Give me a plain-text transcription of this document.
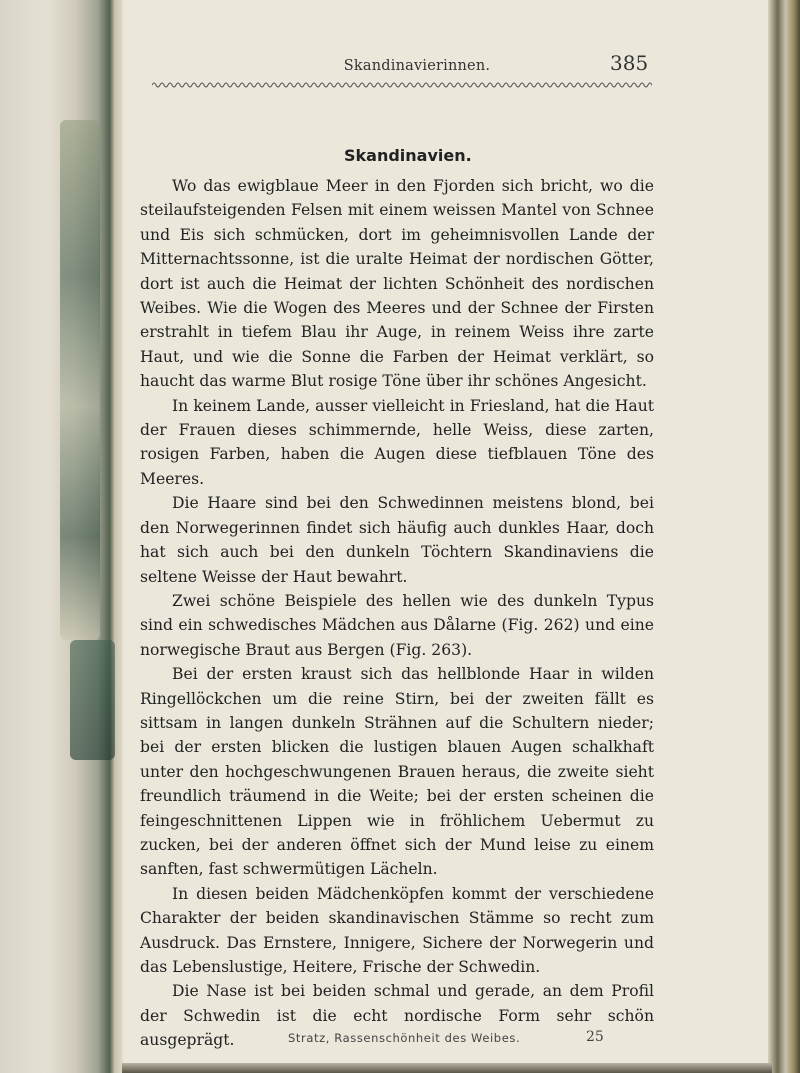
Skandinavierinnen.	385
Skandinavien.

Wo das ewigblaue Meer in den Fjorden sich bricht, wo die steilaufsteigenden Felsen mit einem weissen Mantel von Schnee und Eis sich schmücken, dort im geheimnisvollen Lande der Mitternachtssonne, ist die uralte Heimat der nordischen Götter, dort ist auch die Heimat der lichten Schönheit des nordischen Weibes. Wie die Wogen des Meeres und der Schnee der Firsten erstrahlt in tiefem Blau ihr Auge, in reinem Weiss ihre zarte Haut, und wie die Sonne die Farben der Heimat verklärt, so haucht das warme Blut rosige Töne über ihr schönes Angesicht.

In keinem Lande, ausser vielleicht in Friesland, hat die Haut der Frauen dieses schimmernde, helle Weiss, diese zarten, rosigen Farben, haben die Augen diese tiefblauen Töne des Meeres.

Die Haare sind bei den Schwedinnen meistens blond, bei den Norwegerinnen findet sich häufig auch dunkles Haar, doch hat sich auch bei den dunkeln Töchtern Skandinaviens die seltene Weisse der Haut bewahrt.

Zwei schöne Beispiele des hellen wie des dunkeln Typus sind ein schwedisches Mädchen aus Dålarne (Fig. 262) und eine norwegische Braut aus Bergen (Fig. 263).

Bei der ersten kraust sich das hellblonde Haar in wilden Ringellöckchen um die reine Stirn, bei der zweiten fällt es sittsam in langen dunkeln Strähnen auf die Schultern nieder; bei der ersten blicken die lustigen blauen Augen schalkhaft unter den hochgeschwungenen Brauen heraus, die zweite sieht freundlich träumend in die Weite; bei der ersten scheinen die feingeschnittenen Lippen wie in fröhlichem Uebermut zu zucken, bei der anderen öffnet sich der Mund leise zu einem sanften, fast schwermütigen Lächeln.

In diesen beiden Mädchenköpfen kommt der verschiedene Charakter der beiden skandinavischen Stämme so recht zum Ausdruck. Das Ernstere, Innigere, Sichere der Norwegerin und das Lebenslustige, Heitere, Frische der Schwedin.

Die Nase ist bei beiden schmal und gerade, an dem Profil der Schwedin ist die echt nordische Form sehr schön ausgeprägt.	Stratz, Rassenschönheit des Weibes.	25
